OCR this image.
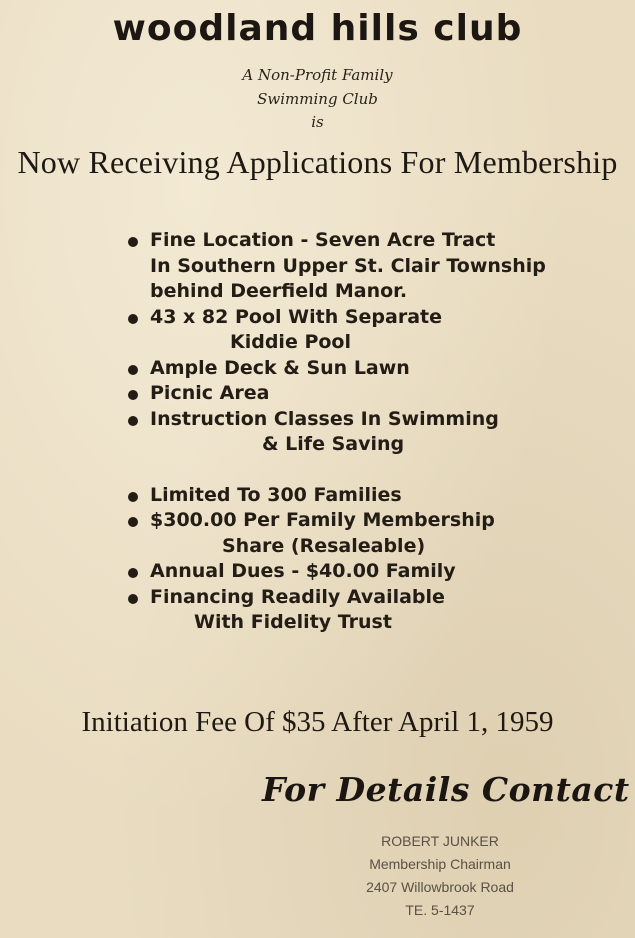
woodland hills club
A Non-Profit Family
Swimming Club
is
Now Receiving Applications For Membership
Fine Location - Seven Acre Tract
In Southern Upper St. Clair Township
behind Deerfield Manor.
43 x 82 Pool With Separate
Kiddie Pool
Ample Deck & Sun Lawn
Picnic Area
Instruction Classes In Swimming
& Life Saving
Limited To 300 Families
$300.00 Per Family Membership
Share (Resaleable)
Annual Dues - $40.00 Family
Financing Readily Available
With Fidelity Trust
Initiation Fee Of $35 After April 1, 1959
For Details Contact
ROBERT JUNKER
Membership Chairman
2407 Willowbrook Road
TE. 5-1437
